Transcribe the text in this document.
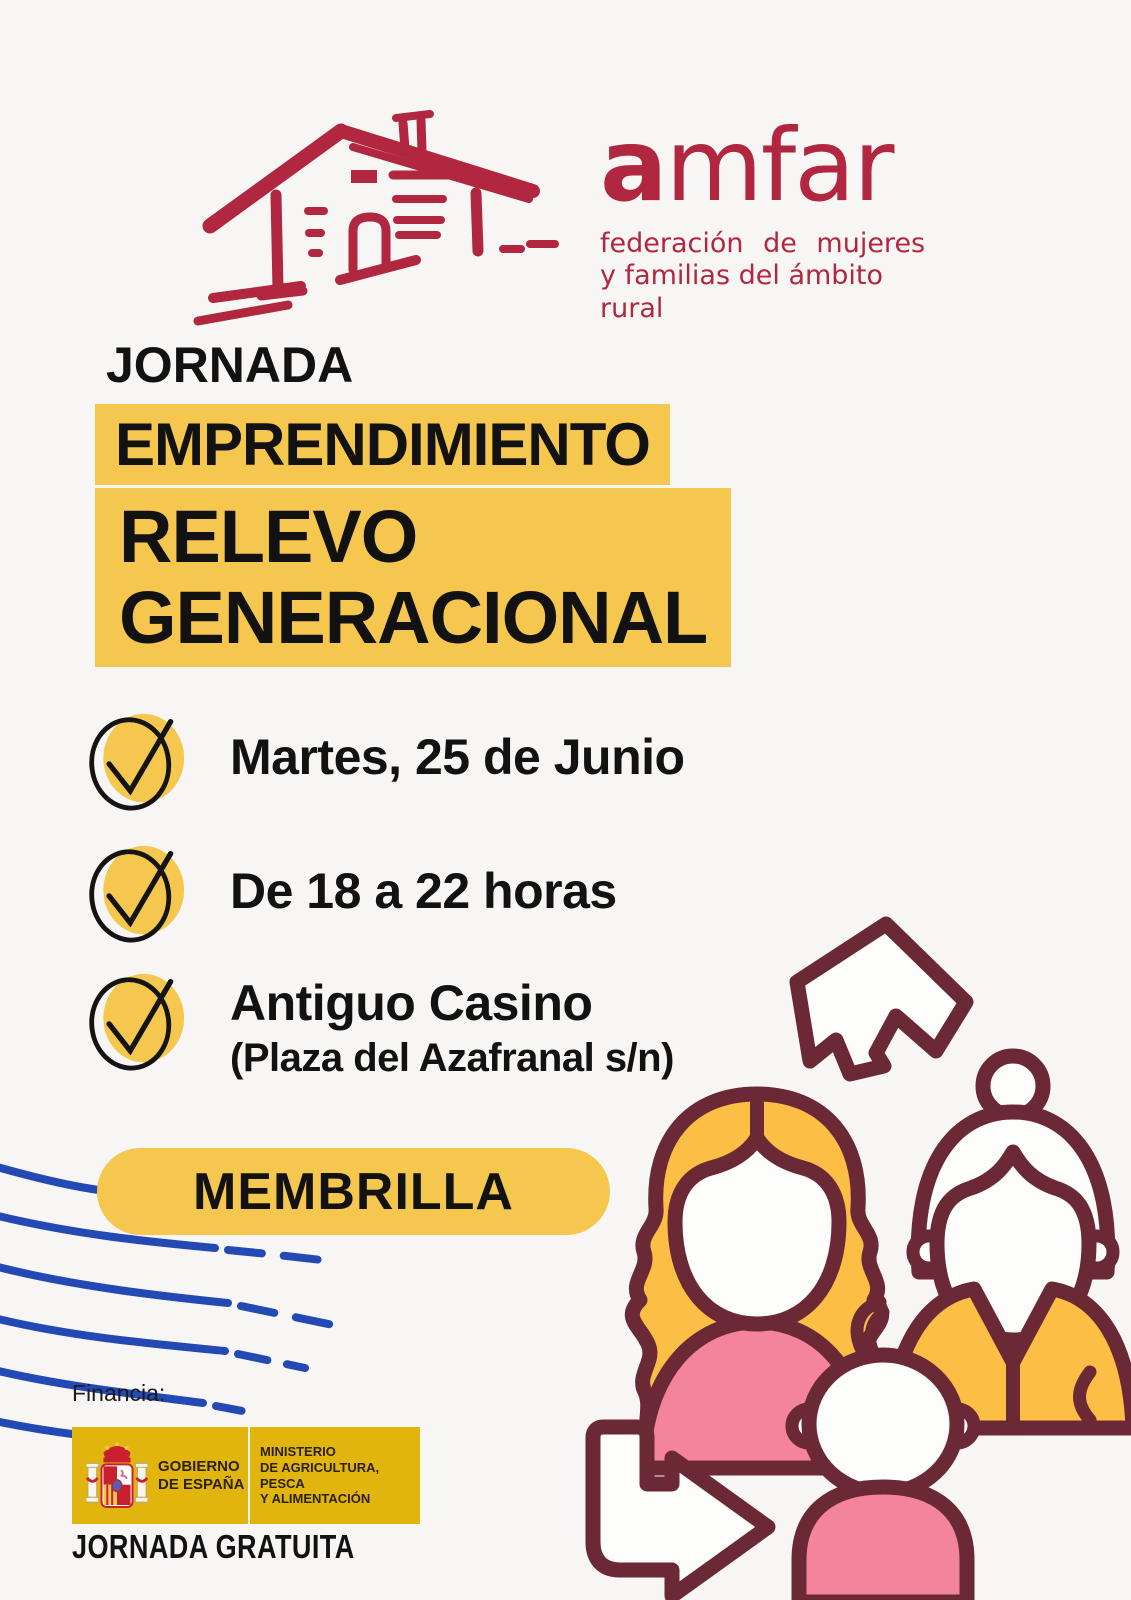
amfar
federación de mujeres
y familias del ámbito rural
JORNADA
EMPRENDIMIENTO
RELEVO
GENERACIONAL
Martes, 25 de Junio
De 18 a 22 horas
Antiguo Casino
(Plaza del Azafranal s/n)
MEMBRILLA
Financia:
GOBIERNO
DE ESPAÑA
MINISTERIO
DE AGRICULTURA, PESCA
Y ALIMENTACIÓN
JORNADA GRATUITA
